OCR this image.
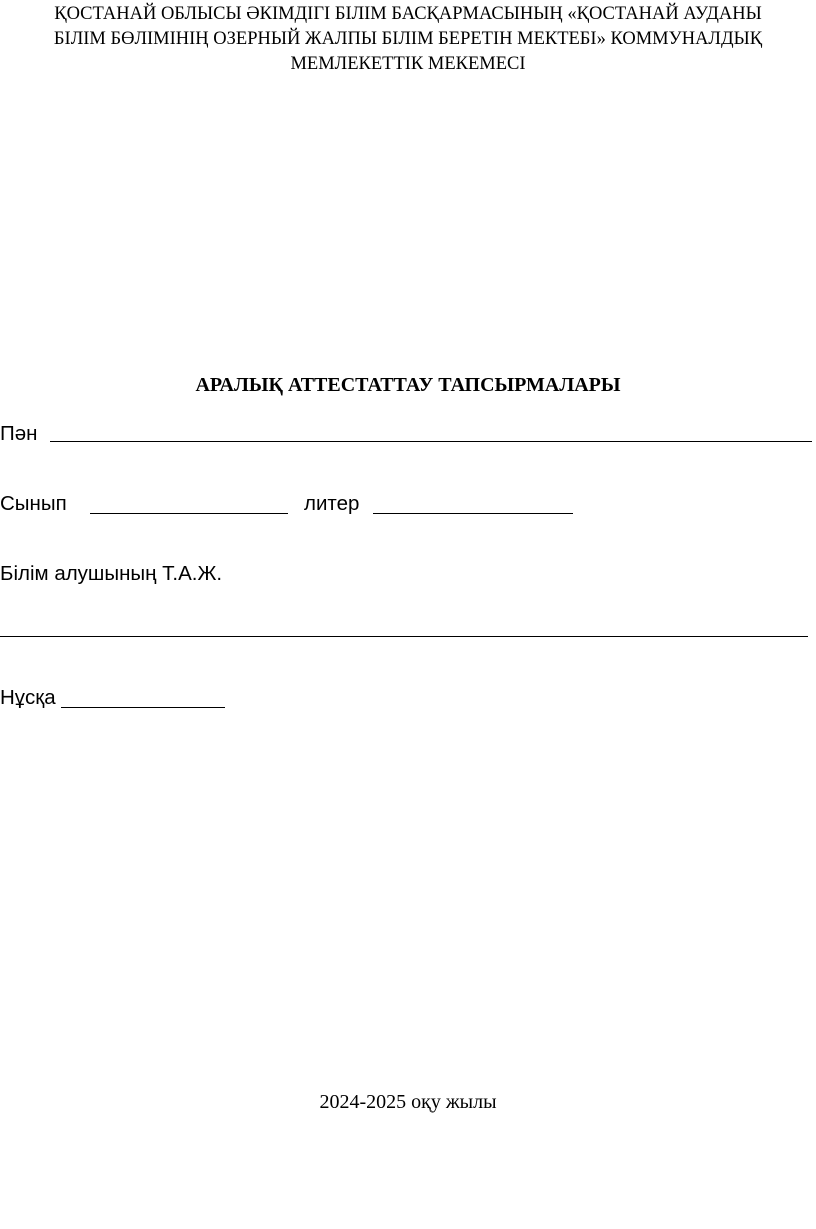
ҚОСТАНАЙ ОБЛЫСЫ ӘКІМДІГІ БІЛІМ БАСҚАРМАСЫНЫҢ «ҚОСТАНАЙ АУДАНЫ
БІЛІМ БӨЛІМІНІҢ ОЗЕРНЫЙ ЖАЛПЫ БІЛІМ БЕРЕТІН МЕКТЕБІ» КОММУНАЛДЫҚ
МЕМЛЕКЕТТІК МЕКЕМЕСІ
АРАЛЫҚ АТТЕСТАТТАУ ТАПСЫРМАЛАРЫ
Пән
Сынып	литер
Білім алушының Т.А.Ж.
Нұсқа
2024-2025 оқу жылы
